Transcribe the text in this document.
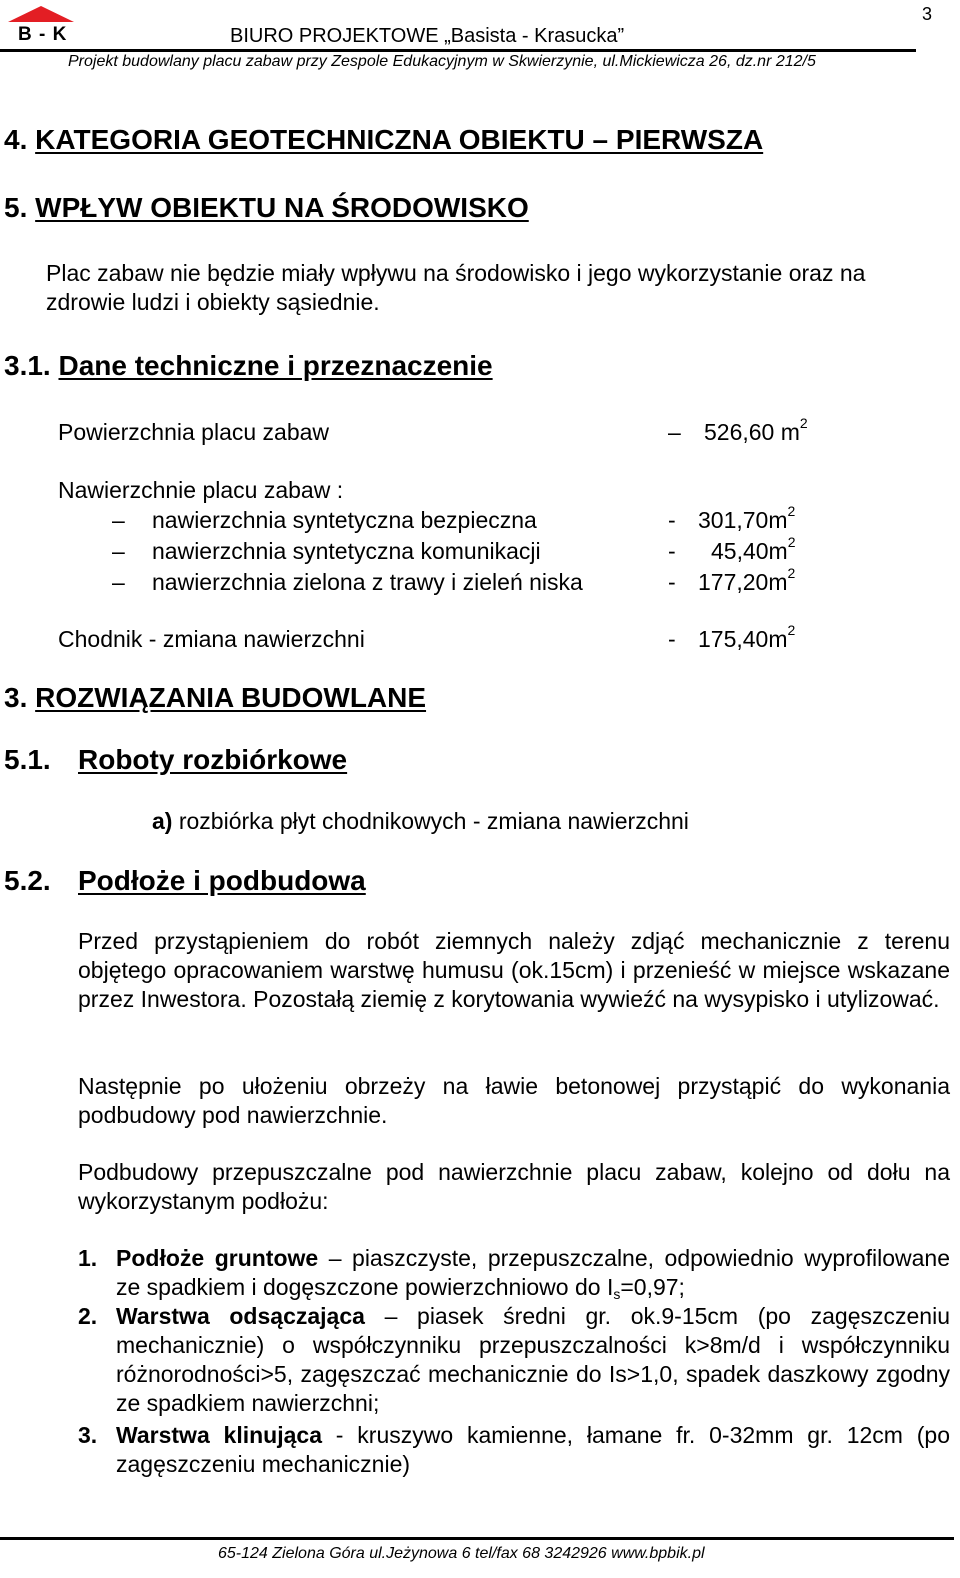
B - K	BIURO PROJEKTOWE „Basista - Krasucka”
3
Projekt budowlany placu zabaw przy Zespole Edukacyjnym w Skwierzynie, ul.Mickiewicza 26, dz.nr 212/5
4. KATEGORIA GEOTECHNICZNA OBIEKTU – PIERWSZA
5. WPŁYW OBIEKTU NA ŚRODOWISKO
Plac zabaw nie będzie miały wpływu na środowisko i jego wykorzystanie oraz na zdrowie ludzi i obiekty sąsiednie.
3.1. Dane techniczne i przeznaczenie
Powierzchnia placu zabaw	– 526,60 $m^2$
Nawierzchnie placu zabaw :
– nawierzchnia syntetyczna bezpieczna	- $301,70m^2$
– nawierzchnia syntetyczna komunikacji	- $45,40m^2$
– nawierzchnia zielona z trawy i zieleń niska	- $177,20m^2$
Chodnik - zmiana nawierzchni	- $175,40m^2$
3. ROZWIĄZANIA BUDOWLANE
5.1. Roboty rozbiórkowe
a) rozbiórka płyt chodnikowych - zmiana nawierzchni
5.2. Podłoże i podbudowa
Przed przystąpieniem do robót ziemnych należy zdjąć mechanicznie z terenu objętego opracowaniem warstwę humusu (ok.15cm) i przenieść w miejsce wskazane przez Inwestora. Pozostałą ziemię z korytowania wywieźć na wysypisko i utylizować.
Następnie po ułożeniu obrzeży na ławie betonowej przystąpić do wykonania podbudowy pod nawierzchnie.
Podbudowy przepuszczalne pod nawierzchnie placu zabaw, kolejno od dołu na wykorzystanym podłożu:
1. Podłoże gruntowe – piaszczyste, przepuszczalne, odpowiednio wyprofilowane ze spadkiem i dogęszczone powierzchniowo do $I_s=0,97$;
2. Warstwa odsączająca – piasek średni gr. ok.9-15cm (po zagęszczeniu mechanicznie) o współczynniku przepuszczalności k>8m/d i współczynniku różnorodności>5, zagęszczać mechanicznie do Is>1,0, spadek daszkowy zgodny ze spadkiem nawierzchni;
3. Warstwa klinująca - kruszywo kamienne, łamane fr. 0-32mm gr. 12cm (po zagęszczeniu mechanicznie)
65-124 Zielona Góra ul.Jeżynowa 6 tel/fax 68 3242926 www.bpbik.pl
